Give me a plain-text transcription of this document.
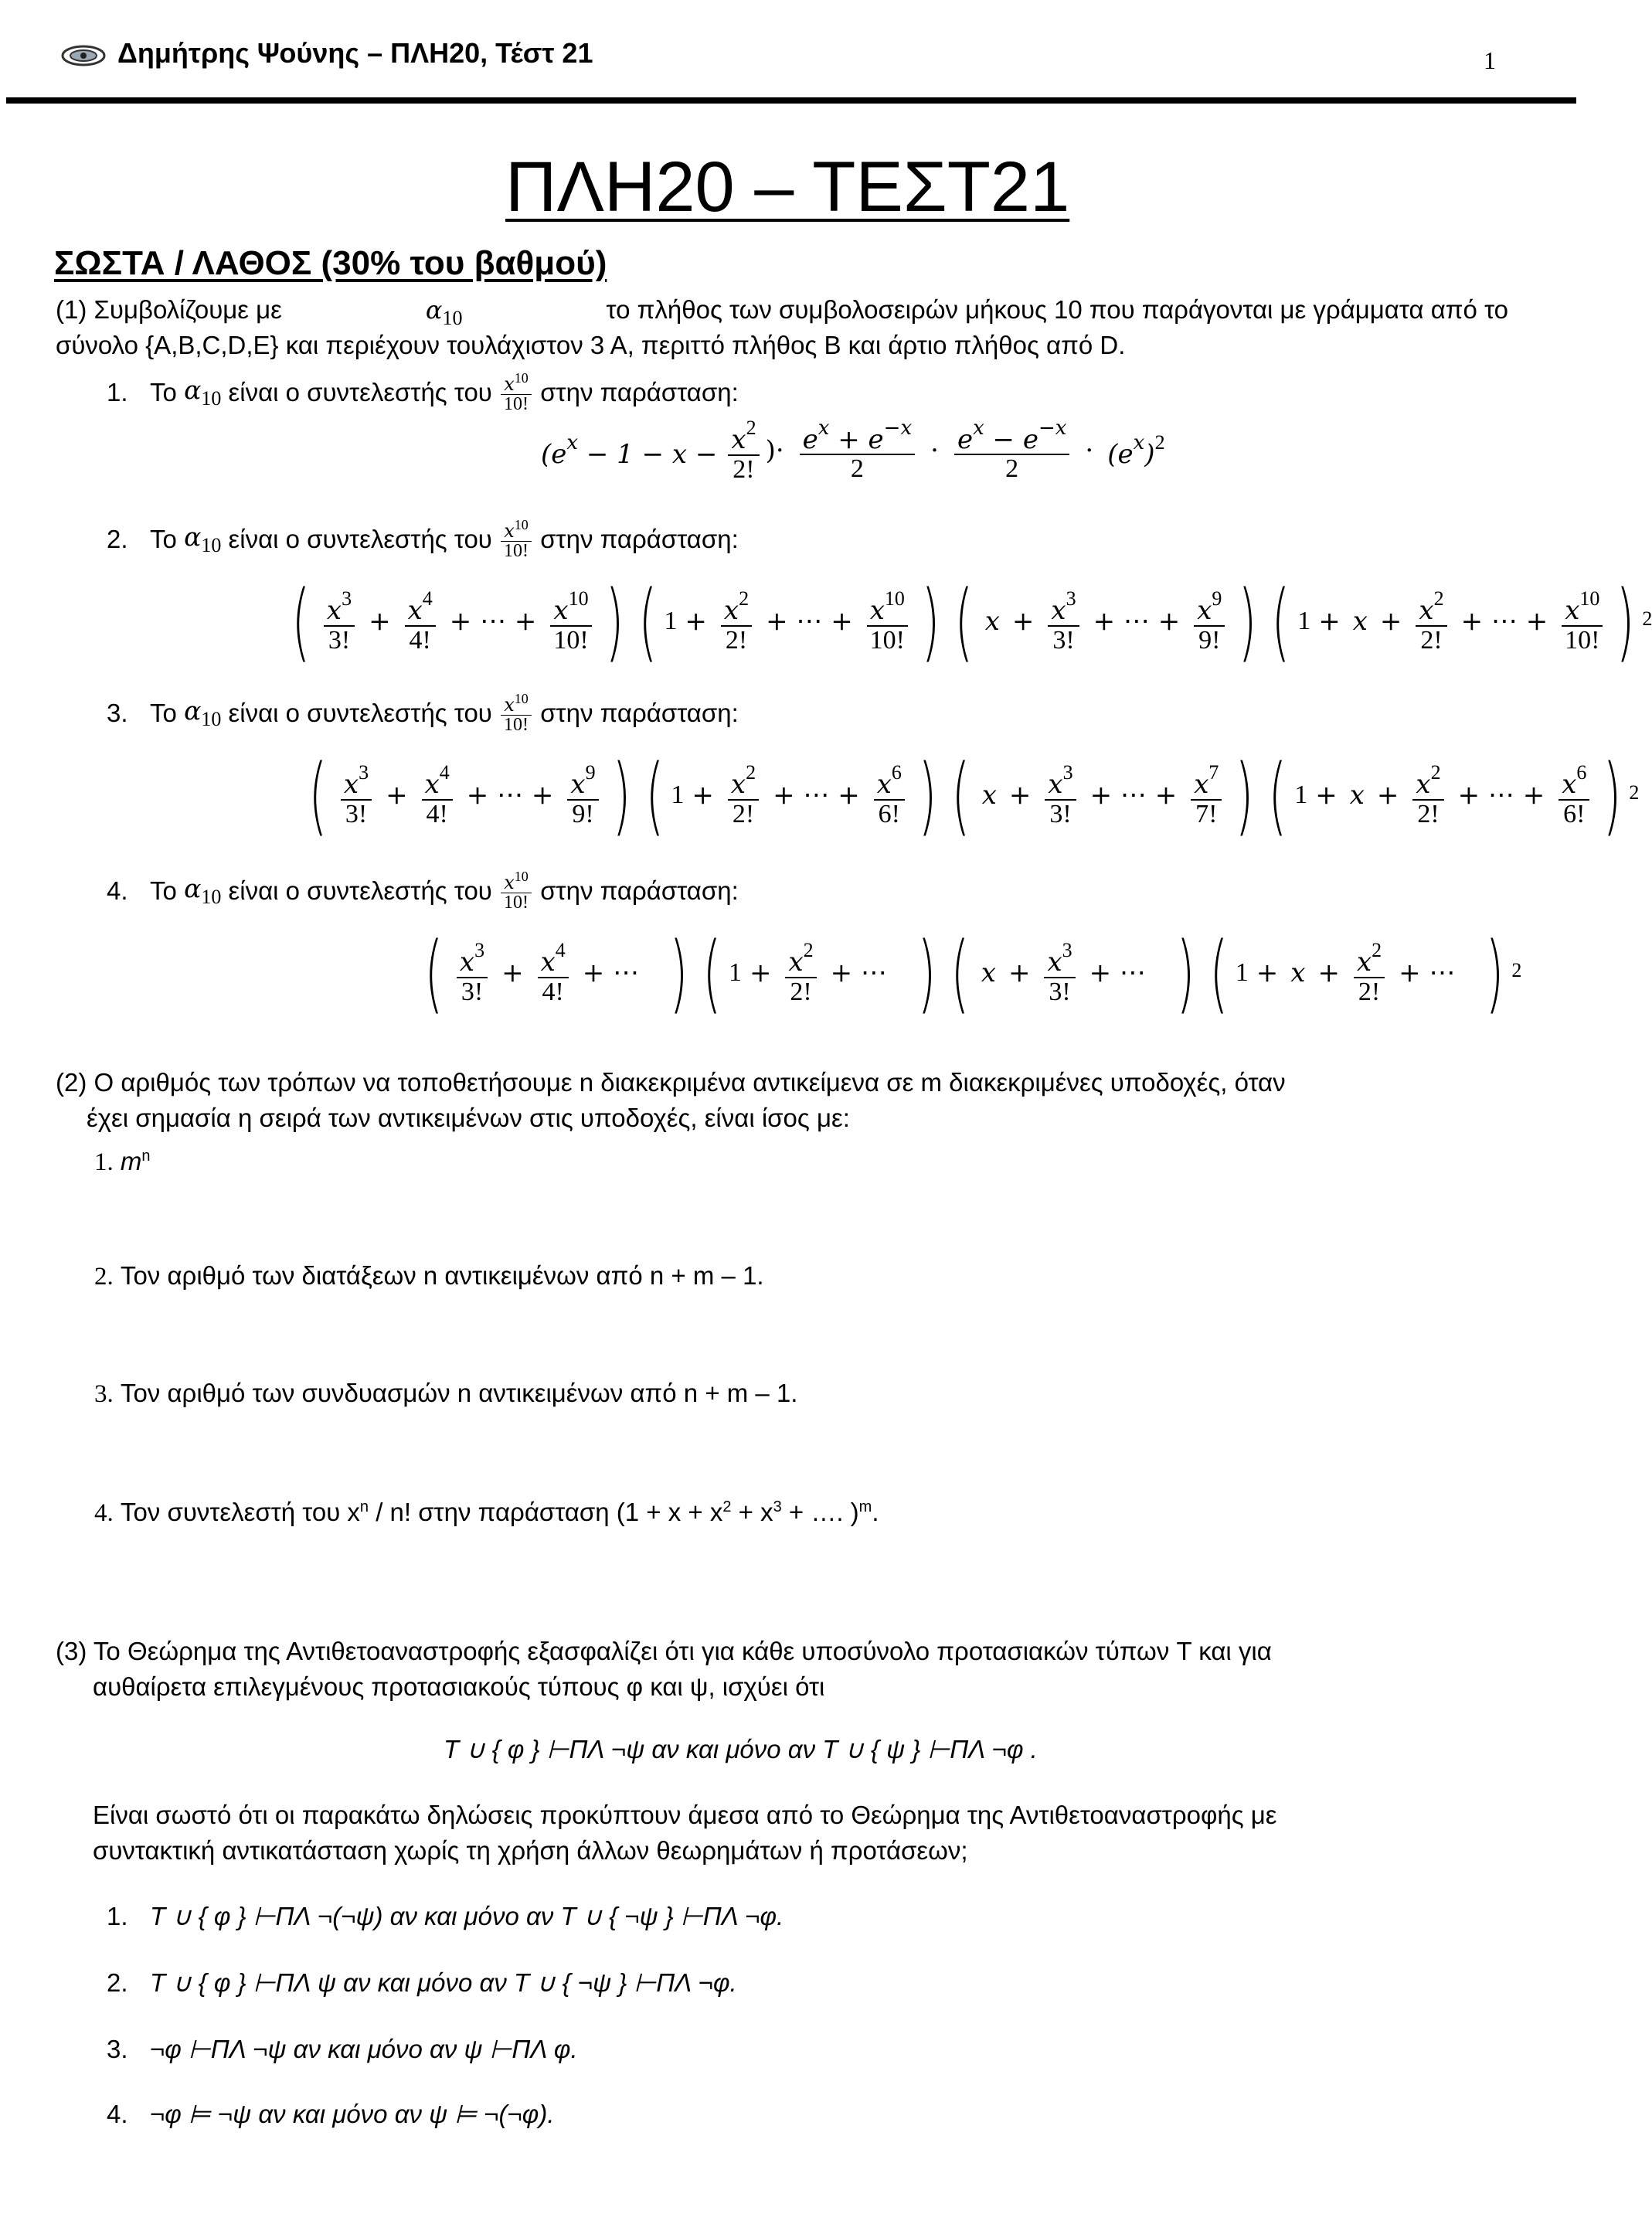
Δημήτρης Ψούνης – ΠΛΗ20, Τέστ 21	1
ΠΛΗ20 – ΤΕΣΤ21
ΣΩΣΤΑ / ΛΑΘΟΣ (30% του βαθμού)
(1) Συμβολίζουμε με	$\alpha_{10}$	το πλήθος των συμβολοσειρών μήκους 10 που παράγονται με γράμματα από το
σύνολο {A,B,C,D,E} και περιέχουν τουλάχιστον 3 Α, περιττό πλήθος Β και άρτιο πλήθος από D.
1. Το
$\alpha_{10}$
είναι ο συντελεστής του
$\frac{x^{10}}{10!}$
στην παράσταση:
($e^x - 1 - x - \frac{x^2}{2!}$ )· $\frac{e^x + e^{-x}}{2} \cdot \frac{e^x - e^{-x}}{2} \cdot (e^x)^2$
2. Το
$\alpha_{10}$
είναι ο συντελεστής του
$\frac{x^{10}}{10!}$
στην παράσταση:
( $\frac{x^3}{3!} + \frac{x^4}{4!}$ + ⋯ + $\frac{x^{10}}{10!}$ ) ( $1 + \frac{x^2}{2!}$ + ⋯ + $\frac{x^{10}}{10!}$ ) ( $x + \frac{x^3}{3!}$ + ⋯ + $\frac{x^9}{9!}$ ) ( $1 + x + \frac{x^2}{2!}$ + ⋯ + $\frac{x^{10}}{10!}$ ) 2
3. Το
$\alpha_{10}$
είναι ο συντελεστής του
$\frac{x^{10}}{10!}$
στην παράσταση:
( $\frac{x^3}{3!} + \frac{x^4}{4!}$ + ⋯ + $\frac{x^9}{9!}$ ) ( $1 + \frac{x^2}{2!}$ + ⋯ + $\frac{x^6}{6!}$ ) ( $x + \frac{x^3}{3!}$ + ⋯ + $\frac{x^7}{7!}$ ) ( $1 + x + \frac{x^2}{2!}$ + ⋯ + $\frac{x^6}{6!}$ ) 2
4. Το
$\alpha_{10}$
είναι ο συντελεστής του
$\frac{x^{10}}{10!}$
στην παράσταση:
( $\frac{x^3}{3!} + \frac{x^4}{4!}$ + ⋯ ) ( $1 + \frac{x^2}{2!}$ + ⋯ ) ( $x + \frac{x^3}{3!}$ + ⋯ ) ( $1 + x + \frac{x^2}{2!}$ + ⋯ ) 2
(2) Ο αριθμός των τρόπων να τοποθετήσουμε n διακεκριμένα αντικείμενα σε m διακεκριμένες υποδοχές, όταν
έχει σημασία η σειρά των αντικειμένων στις υποδοχές, είναι ίσος με:
1. $m^n$
2. Τον αριθμό των διατάξεων n αντικειμένων από n + m – 1.
3. Τον αριθμό των συνδυασμών n αντικειμένων από n + m – 1.
4. Τον συντελεστή του $x^n$ / n! στην παράσταση ($1 + x + x^2 + x^3$ + …. )$^m$.
(3) Το Θεώρημα της Αντιθετοαναστροφής εξασφαλίζει ότι για κάθε υποσύνολο προτασιακών τύπων T και για
αυθαίρετα επιλεγμένους προτασιακούς τύπους φ και ψ, ισχύει ότι
T ∪ { φ } ⊢ΠΛ ¬ψ αν και μόνο αν T ∪ { ψ } ⊢ΠΛ ¬φ .
Είναι σωστό ότι οι παρακάτω δηλώσεις προκύπτουν άμεσα από το Θεώρημα της Αντιθετοαναστροφής με
συντακτική αντικατάσταση χωρίς τη χρήση άλλων θεωρημάτων ή προτάσεων;
1. T ∪ { φ } ⊢ΠΛ ¬(¬ψ) αν και μόνο αν T ∪ { ¬ψ } ⊢ΠΛ ¬φ.
2. T ∪ { φ } ⊢ΠΛ ψ αν και μόνο αν T ∪ { ¬ψ } ⊢ΠΛ ¬φ.
3. ¬φ ⊢ΠΛ ¬ψ αν και μόνο αν ψ ⊢ΠΛ φ.
4. ¬φ ⊨ ¬ψ αν και μόνο αν ψ ⊨ ¬(¬φ).
